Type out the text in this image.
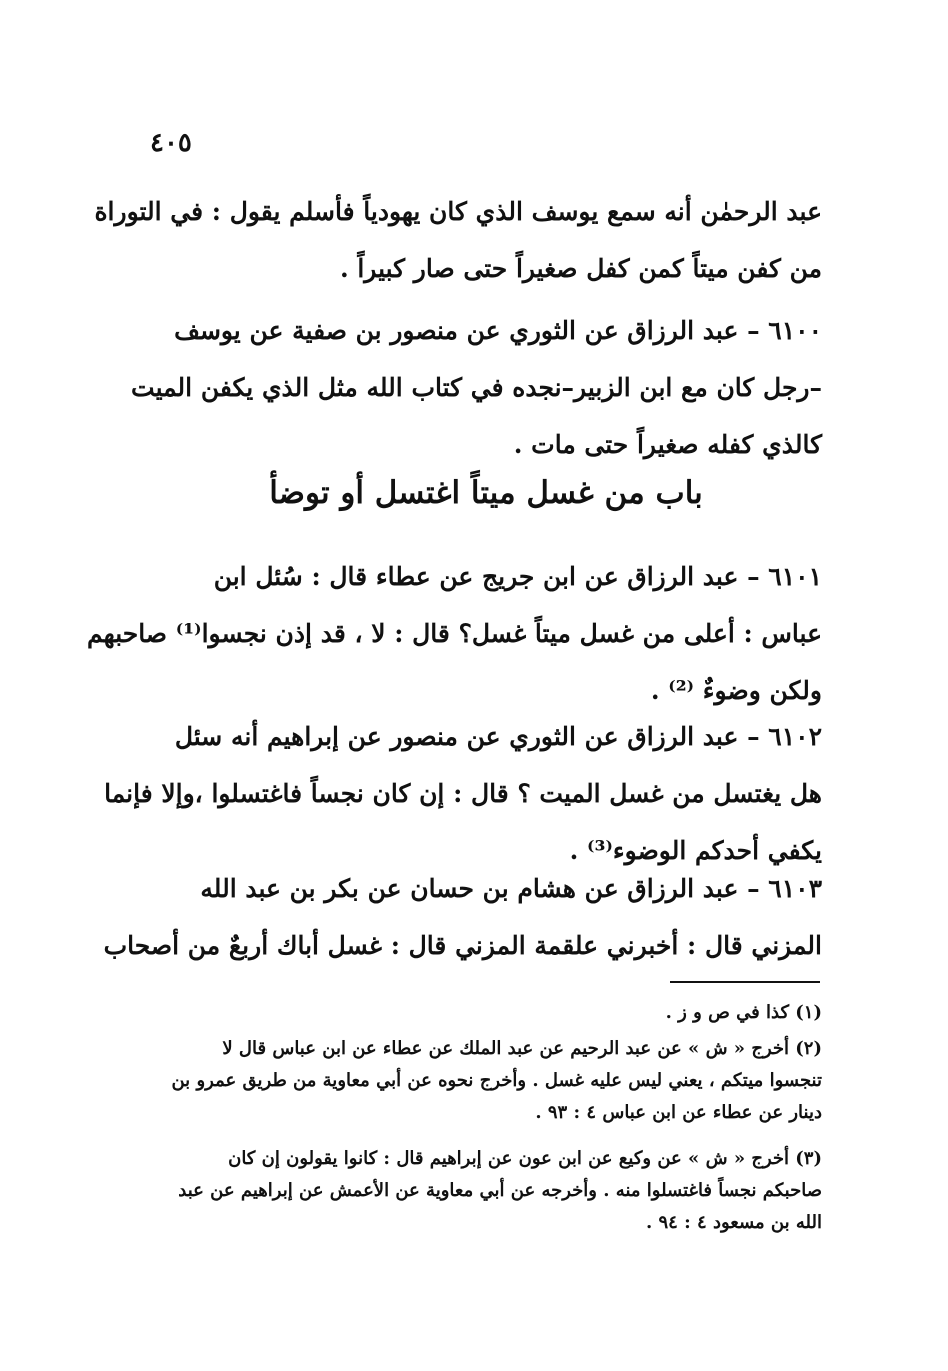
٤٠٥
عبد الرحمٰن أنه سمع يوسف الذي كان يهودياً فأسلم يقول : في التوراة
من كفن ميتاً كمن كفل صغيراً حتى صار كبيراً .
٦١٠٠ – عبد الرزاق عن الثوري عن منصور بن صفية عن يوسف
–رجل كان مع ابن الزبير–نجده في كتاب الله مثل الذي يكفن الميت
كالذي كفله صغيراً حتى مات .
باب من غسل ميتاً اغتسل أو توضأ
٦١٠١ – عبد الرزاق عن ابن جريج عن عطاء قال : سُئل ابن
عباس : أعلى من غسل ميتاً غسل؟ قال : لا ، قد إذن نجسوا⁽¹⁾ صاحبهم
ولكن وضوءٌ ⁽²⁾ .
٦١٠٢ – عبد الرزاق عن الثوري عن منصور عن إبراهيم أنه سئل
هل يغتسل من غسل الميت ؟ قال : إن كان نجساً فاغتسلوا ،وإلا فإنما
يكفي أحدكم الوضوء⁽³⁾ .
٦١٠٣ – عبد الرزاق عن هشام بن حسان عن بكر بن عبد الله
المزني قال : أخبرني علقمة المزني قال : غسل أباك أربعٌ من أصحاب
(١) كذا في ص و ز .
(٢) أخرج « ش » عن عبد الرحيم عن عبد الملك عن عطاء عن ابن عباس قال لا
تنجسوا ميتكم ، يعني ليس عليه غسل . وأخرج نحوه عن أبي معاوية من طريق عمرو بن
دينار عن عطاء عن ابن عباس ٤ : ٩٣ .
(٣) أخرج « ش » عن وكيع عن ابن عون عن إبراهيم قال : كانوا يقولون إن كان
صاحبكم نجساً فاغتسلوا منه . وأخرجه عن أبي معاوية عن الأعمش عن إبراهيم عن عبد
الله بن مسعود ٤ : ٩٤ .
